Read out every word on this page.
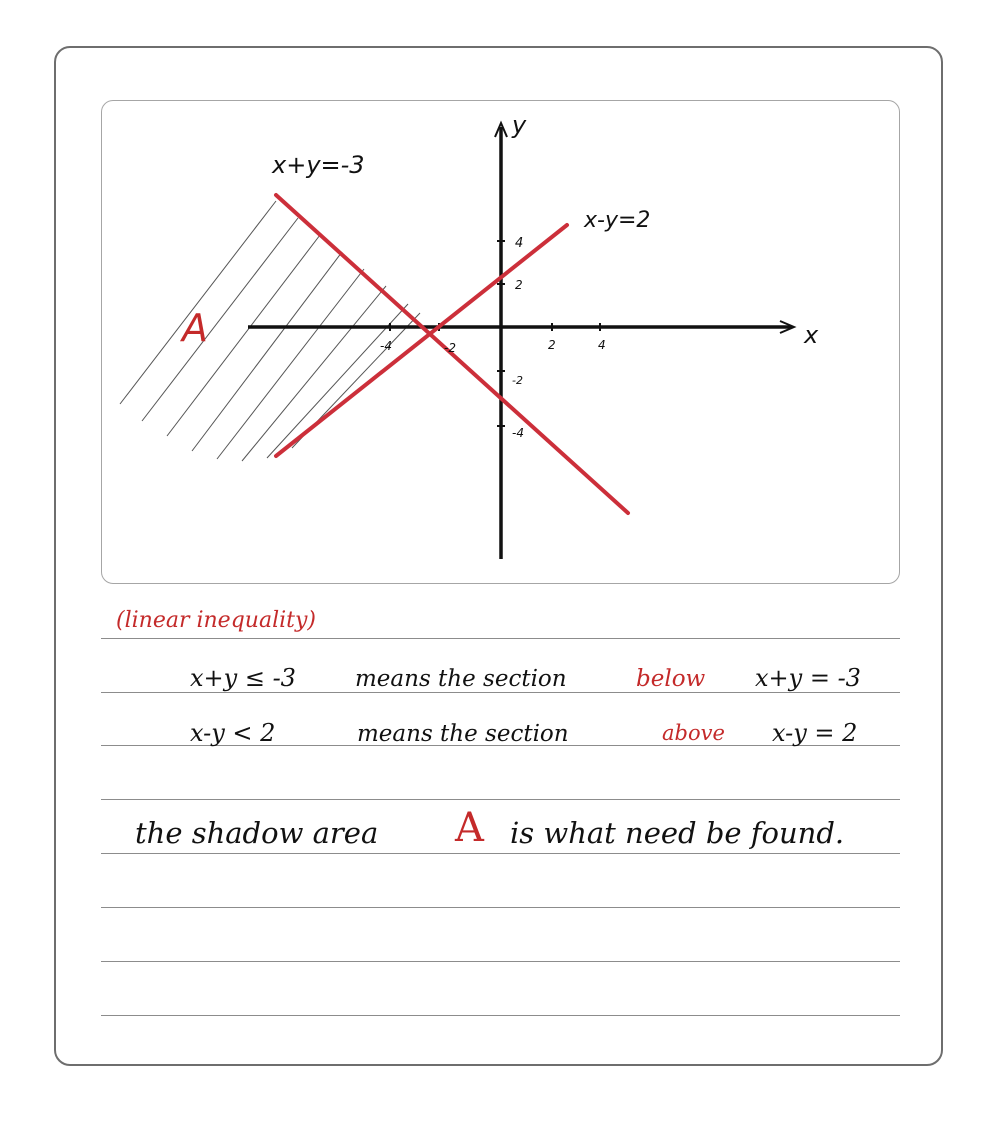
x+y=-3
x-y=2
A	x
y
-4	-2	2	4
4
2
-2
-4
(linear inequality)
x+y ≤ -3	means the section	below x+y = -3
x-y < 2	means the section	above x-y = 2
the shadow area A is what need be found.
